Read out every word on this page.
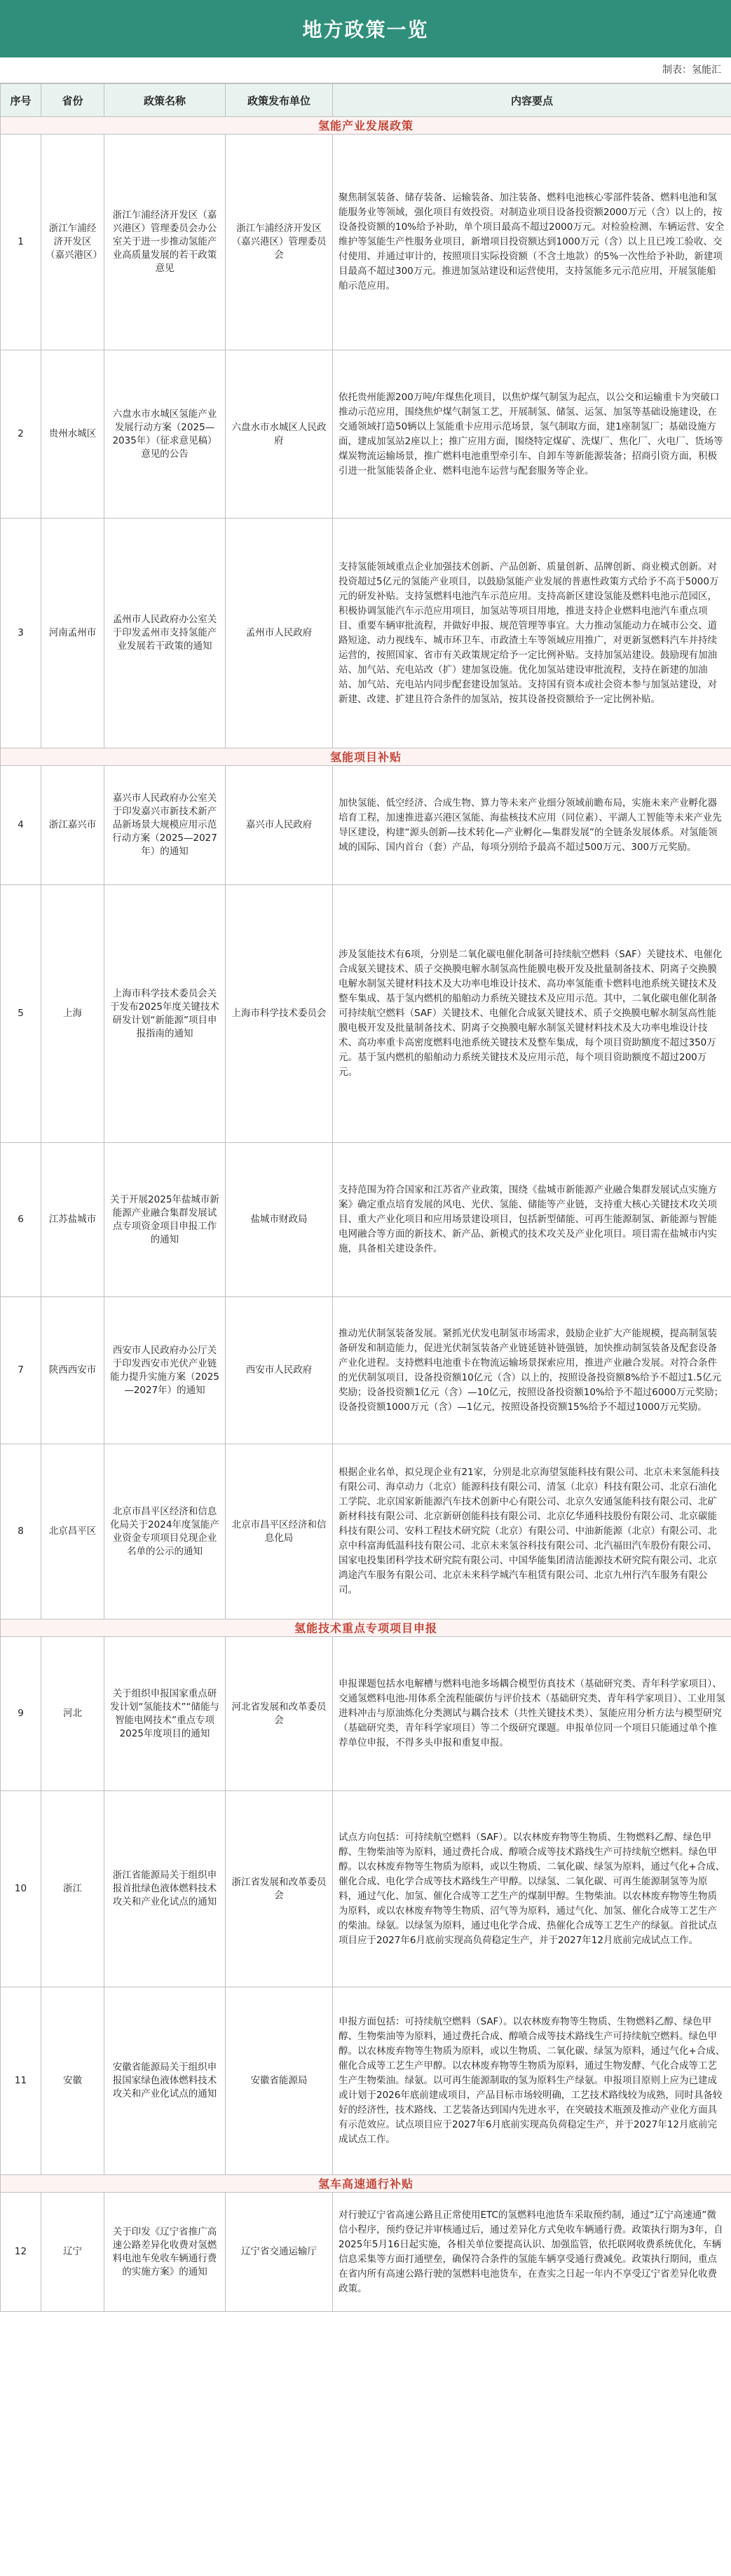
地方政策一览
制表：氢能汇
序号	省份	政策名称	政策发布单位	内容要点
氢能产业发展政策				
1	浙江乍浦经济开发区（嘉兴港区）	浙江乍浦经济开发区（嘉兴港区）管理委员会办公室关于进一步推动氢能产业高质量发展的若干政策意见	浙江乍浦经济开发区（嘉兴港区）管理委员会	聚焦制氢装备、储存装备、运输装备、加注装备、燃料电池核心零部件装备、燃料电池和氢能服务业等领域，强化项目有效投资。对制造业项目设备投资额2000万元（含）以上的，按设备投资额的10%给予补助，单个项目最高不超过2000万元。对检验检测、车辆运营、安全维护等氢能生产性服务业项目，新增项目投资额达到1000万元（含）以上且已竣工验收、交付使用、并通过审计的，按照项目实际投资额（不含土地款）的5%一次性给予补助，新建项目最高不超过300万元。推进加氢站建设和运营使用，支持氢能多元示范应用，开展氢能船舶示范应用。
2	贵州水城区	六盘水市水城区氢能产业发展行动方案（2025—2035年）（征求意见稿）意见的公告	六盘水市水城区人民政府	依托贵州能源200万吨/年煤焦化项目，以焦炉煤气制氢为起点，以公交和运输重卡为突破口推动示范应用，围绕焦炉煤气制氢工艺，开展制氢、储氢、运氢、加氢等基础设施建设，在交通领域打造50辆以上氢能重卡应用示范场景，氢气制取方面，建1座制氢厂；基础设施方面，建成加氢站2座以上；推广应用方面，围绕特定煤矿、洗煤厂、焦化厂、火电厂、货场等煤炭物流运输场景，推广燃料电池重型牵引车、自卸车等新能源装备；招商引资方面，积极引进一批氢能装备企业、燃料电池车运营与配套服务等企业。
3	河南孟州市	孟州市人民政府办公室关于印发孟州市支持氢能产业发展若干政策的通知	孟州市人民政府	支持氢能领域重点企业加强技术创新、产品创新、质量创新、品牌创新、商业模式创新。对投资超过5亿元的氢能产业项目，以鼓励氢能产业发展的普惠性政策方式给予不高于5000万元的研发补贴。支持氢燃料电池汽车示范应用。支持高新区建设氢能及燃料电池示范园区，积极协调氢能汽车示范应用项目，加氢站等项目用地，推进支持企业燃料电池汽车重点项目、重要车辆审批流程，并做好申报、规范管理等事宜。大力推动氢能动力在城市公交、道路短途、动力视线车、城市环卫车、市政渣土车等领域应用推广，对更新氢燃料汽车并持续运营的，按照国家、省市有关政策规定给予一定比例补贴。支持加氢站建设。鼓励现有加油站、加气站、充电站改（扩）建加氢设施。优化加氢站建设审批流程，支持在新建的加油站、加气站、充电站内同步配套建设加氢站。支持国有资本或社会资本参与加氢站建设，对新建、改建、扩建且符合条件的加氢站，按其设备投资额给予一定比例补贴。
氢能项目补贴				
4	浙江嘉兴市	嘉兴市人民政府办公室关于印发嘉兴市新技术新产品新场景大规模应用示范行动方案（2025—2027年）的通知	嘉兴市人民政府	加快氢能、低空经济、合成生物、算力等未来产业细分领域前瞻布局，实施未来产业孵化器培育工程，加速推进嘉兴港区氢能、海盐核技术应用（同位素）、平湖人工智能等未来产业先导区建设，构建“源头创新—技术转化—产业孵化—集群发展”的全链条发展体系。对氢能领域的国际、国内首台（套）产品，每项分别给予最高不超过500万元、300万元奖励。
5	上海	上海市科学技术委员会关于发布2025年度关键技术研发计划“新能源”项目申报指南的通知	上海市科学技术委员会	涉及氢能技术有6项，分别是二氧化碳电催化制备可持续航空燃料（SAF）关键技术、电催化合成氨关键技术、质子交换膜电解水制氢高性能膜电极开发及批量制备技术、阴离子交换膜电解水制氢关键材料技术及大功率电堆设计技术、高功率氢能重卡燃料电池系统关键技术及整车集成、基于氢内燃机的船舶动力系统关键技术及应用示范。其中，二氧化碳电催化制备可持续航空燃料（SAF）关键技术、电催化合成氨关键技术、质子交换膜电解水制氢高性能膜电极开发及批量制备技术、阴离子交换膜电解水制氢关键材料技术及大功率电堆设计技术、高功率重卡高密度燃料电池系统关键技术及整车集成，每个项目资助额度不超过350万元。基于氢内燃机的船舶动力系统关键技术及应用示范，每个项目资助额度不超过200万元。
6	江苏盐城市	关于开展2025年盐城市新能源产业融合集群发展试点专项资金项目申报工作的通知	盐城市财政局	支持范围为符合国家和江苏省产业政策，围绕《盐城市新能源产业融合集群发展试点实施方案》确定重点培育发展的风电、光伏、氢能、储能等产业链，支持重大核心关键技术攻关项目、重大产业化项目和应用场景建设项目，包括新型储能、可再生能源制氢、新能源与智能电网融合等方面的新技术、新产品、新模式的技术攻关及产业化项目。项目需在盐城市内实施，具备相关建设条件。
7	陕西西安市	西安市人民政府办公厅关于印发西安市光伏产业链能力提升实施方案（2025—2027年）的通知	西安市人民政府	推动光伏制氢装备发展。紧抓光伏发电制氢市场需求，鼓励企业扩大产能规模，提高制氢装备研发和制造能力，促进光伏制氢装备产业链延链补链强链，加快推动制氢装备及配套设备产业化进程。支持燃料电池重卡在物流运输场景探索应用，推进产业融合发展。对符合条件的光伏制氢项目，设备投资额10亿元（含）以上的，按照设备投资额8%给予不超过1.5亿元奖励；设备投资额1亿元（含）—10亿元，按照设备投资额10%给予不超过6000万元奖励；设备投资额1000万元（含）—1亿元，按照设备投资额15%给予不超过1000万元奖励。
8	北京昌平区	北京市昌平区经济和信息化局关于2024年度氢能产业资金专项项目兑现企业名单的公示的通知	北京市昌平区经济和信息化局	根据企业名单，拟兑现企业有21家，分别是北京海望氢能科技有限公司、北京未来氢能科技有限公司、海卓动力（北京）能源科技有限公司、清氢（北京）科技有限公司、北京石油化工学院、北京国家新能源汽车技术创新中心有限公司、北京久安通氢能科技有限公司、北矿新材科技有限公司、北京新研创能科技有限公司、北京亿华通科技股份有限公司、北京碳能科技有限公司、安科工程技术研究院（北京）有限公司、中油新能源（北京）有限公司、北京中科富海低温科技有限公司、北京未来氢谷科技有限公司、北汽福田汽车股份有限公司、国家电投集团科学技术研究院有限公司、中国华能集团清洁能源技术研究院有限公司、北京鸿途汽车服务有限公司、北京未来科学城汽车租赁有限公司、北京九州行汽车服务有限公司。
氢能技术重点专项项目申报				
9	河北	关于组织申报国家重点研发计划“氢能技术”“储能与智能电网技术”重点专项2025年度项目的通知	河北省发展和改革委员会	申报课题包括水电解槽与燃料电池多场耦合模型仿真技术（基础研究类、青年科学家项目）、交通氢燃料电池-用体系全流程能碳仿与评价技术（基础研究类、青年科学家项目）、工业用氢进料冲击与原油炼化分类测试与耦合技术（共性关键技术类）、氢能应用分析方法与模型研究（基础研究类，青年科学家项目）等二个级研究课题。申报单位同一个项目只能通过单个推荐单位申报，不得多头申报和重复申报。
10	浙江	浙江省能源局关于组织申报首批绿色液体燃料技术攻关和产业化试点的通知	浙江省发展和改革委员会	试点方向包括：可持续航空燃料（SAF）。以农林废弃物等生物质、生物燃料乙醇、绿色甲醇、生物柴油等为原料，通过费托合成、醇喷合成等技术路线生产可持续航空燃料。绿色甲醇。以农林废弃物等生物质为原料，或以生物质、二氧化碳、绿氢为原料，通过气化+合成、催化合成、电化学合成等技术路线生产甲醇。以绿氢、二氧化碳、可再生能源制氢等为原料，通过气化、加氢、催化合成等工艺生产的煤制甲醇。生物柴油。以农林废弃物等生物质为原料，或以农林废弃物等生物质、沼气等为原料，通过气化、加氢、催化合成等工艺生产的柴油。绿氨。以绿氢为原料，通过电化学合成、热催化合成等工艺生产的绿氨。首批试点项目应于2027年6月底前实现高负荷稳定生产，并于2027年12月底前完成试点工作。
11	安徽	安徽省能源局关于组织申报国家绿色液体燃料技术攻关和产业化试点的通知	安徽省能源局	申报方面包括：可持续航空燃料（SAF）。以农林废弃物等生物质、生物燃料乙醇、绿色甲醇、生物柴油等为原料，通过费托合成、醇喷合成等技术路线生产可持续航空燃料。绿色甲醇。以农林废弃物等生物质为原料，或以生物质、二氧化碳、绿氢为原料，通过气化+合成、催化合成等工艺生产甲醇。以农林废弃物等生物质为原料，通过生物发酵、气化合成等工艺生产生物柴油。绿氨。以可再生能源制取的氢为原料生产绿氨。申报项目原则上应为已建成或计划于2026年底前建成项目，产品目标市场较明确，工艺技术路线较为成熟，同时具备较好的经济性，技术路线、工艺装备达到国内先进水平，在突破技术瓶颈及推动产业化方面具有示范效应。试点项目应于2027年6月底前实现高负荷稳定生产，并于2027年12月底前完成试点工作。
氢车高速通行补贴				
12	辽宁	关于印发《辽宁省推广高速公路差异化收费对氢燃料电池车免收车辆通行费的实施方案》的通知	辽宁省交通运输厅	对行驶辽宁省高速公路且正常使用ETC的氢燃料电池货车采取预约制，通过“辽宁高速通”微信小程序，预约登记并审核通过后，通过差异化方式免收车辆通行费。政策执行期为3年，自2025年5月16日起实施，各相关单位要提高认识、加强监管，依托联网收费系统优化，车辆信息采集等方面打通壁垒，确保符合条件的氢能车辆享受通行费减免。政策执行期间，重点在省内所有高速公路行驶的氢燃料电池货车，在查实之日起一年内不享受辽宁省差异化收费政策。
